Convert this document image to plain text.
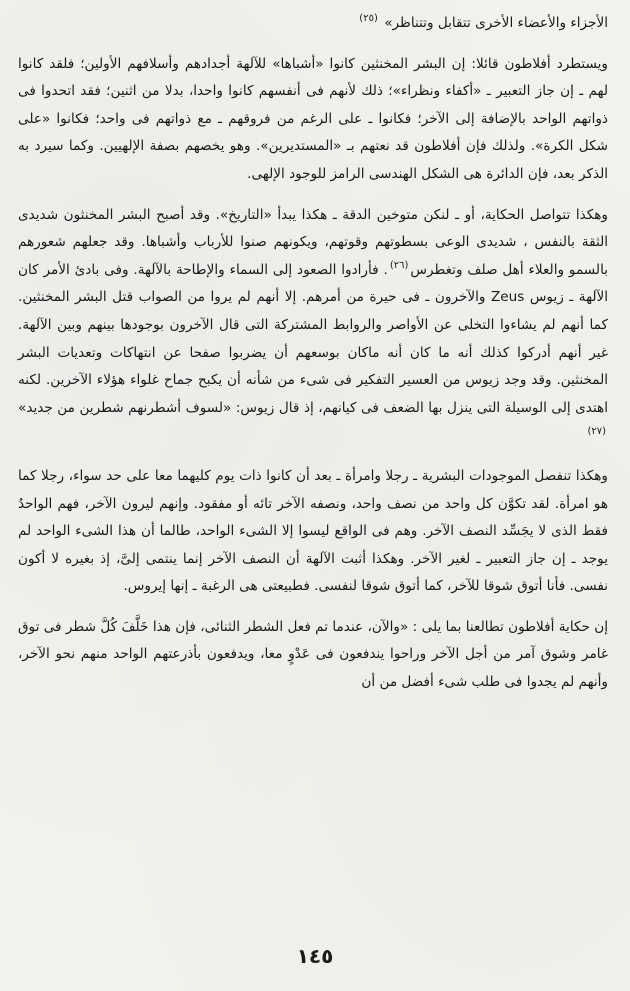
الأجزاء والأعضاء الأخرى تتقابل وتتناظر» $^{(٢٥)}$

ويستطرد أفلاطون قائلا: إن البشر المخنثين كانوا «أشباها» للآلهة أجدادهم وأسلافهم الأولين؛ فلقد كانوا لهم ـ إن جاز التعبير ـ «أكفاء ونظراء»؛ ذلك لأنهم فى أنفسهم كانوا واحدا، بدلا من اثنين؛ فقد اتحدوا فى ذواتهم الواحد بالإضافة إلى الآخر؛ فكانوا ـ على الرغم من فروقهم ـ مع ذواتهم فى واحد؛ فكانوا «على شكل الكرة». ولذلك فإن أفلاطون قد نعتهم بـ «المستديرين». وهو يخصهم بصفة الإلهيين. وكما سيرد به الذكر بعد، فإن الدائرة هى الشكل الهندسى الرامز للوجود الإلهى.

وهكذا تتواصل الحكاية، أو ـ لنكن متوخين الدقة ـ هكذا يبدأ «التاريخ». وقد أصبح البشر المخنثون شديدى الثقة بالنفس ، شديدى الوعى بسطوتهم وقوتهم، ويكونهم صنوا للأرباب وأشباها. وقد جعلهم شعورهم بالسمو والعلاء أهل صلف وتغطرس$^{(٢٦)}$. فأرادوا الصعود إلى السماء والإطاحة بالآلهة. وفى بادئ الأمر كان الآلهة ـ زيوس Zeus والآخرون ـ فى حيرة من أمرهم. إلا أنهم لم يروا من الصواب قتل البشر المخنثين. كما أنهم لم يشاءوا التخلى عن الأواصر والروابط المشتركة التى قال الآخرون بوجودها بينهم وبين الآلهة. غير أنهم أدركوا كذلك أنه ما كان أنه ماكان بوسعهم أن يضربوا صفحا عن انتهاكات وتعديات البشر المخنثين. وقد وجد زيوس من العسير التفكير فى شىء من شأنه أن يكبح جماح غلواء هؤلاء الآخرين. لكنه اهتدى إلى الوسيلة التى ينزل بها الضعف فى كيانهم، إذ قال زيوس: «لسوف أشطرنهم شطرين من جديد» $^{(٢٧)}$

وهكذا تنفصل الموجودات البشرية ـ رجلا وامرأة ـ بعد أن كانوا ذات يوم كليهما معا على حد سواء، رجلا كما هو امرأة. لقد تكوَّن كل واحد من نصف واحد، ونصفه الآخر تائه أو مفقود. وإنهم ليرون الآخر، فهم الواحدُ فقط الذى لا يجَسِّد النصف الآخر. وهم فى الواقع ليسوا إلا الشىء الواحد، طالما أن هذا الشىء الواحد لم يوجد ـ إن جاز التعبير ـ لغير الآخر. وهكذا أثبت الآلهة أن النصف الآخر إنما ينتمى إلىَّ، إذ بغيره لا أكون نفسى. فأنا أتوق شوقا للآخر، كما أتوق شوقا لنفسى. فطبيعتى هى الرغبة ـ إنها إيروس.

إن حكاية أفلاطون تطالعنا بما يلى : «والآن، عندما تم فعل الشطر الثنائى، فإن هذا خَلَّفَ كُلَّ شطر فى توق غامر وشوق آمر من أجل الآخر وراحوا يندفعون فى عَدْوٍ معا، ويدفعون بأذرعتهم الواحد منهم نحو الآخر، وأنهم لم يجدوا فى طلب شىء أفضل من أن

١٤٥
